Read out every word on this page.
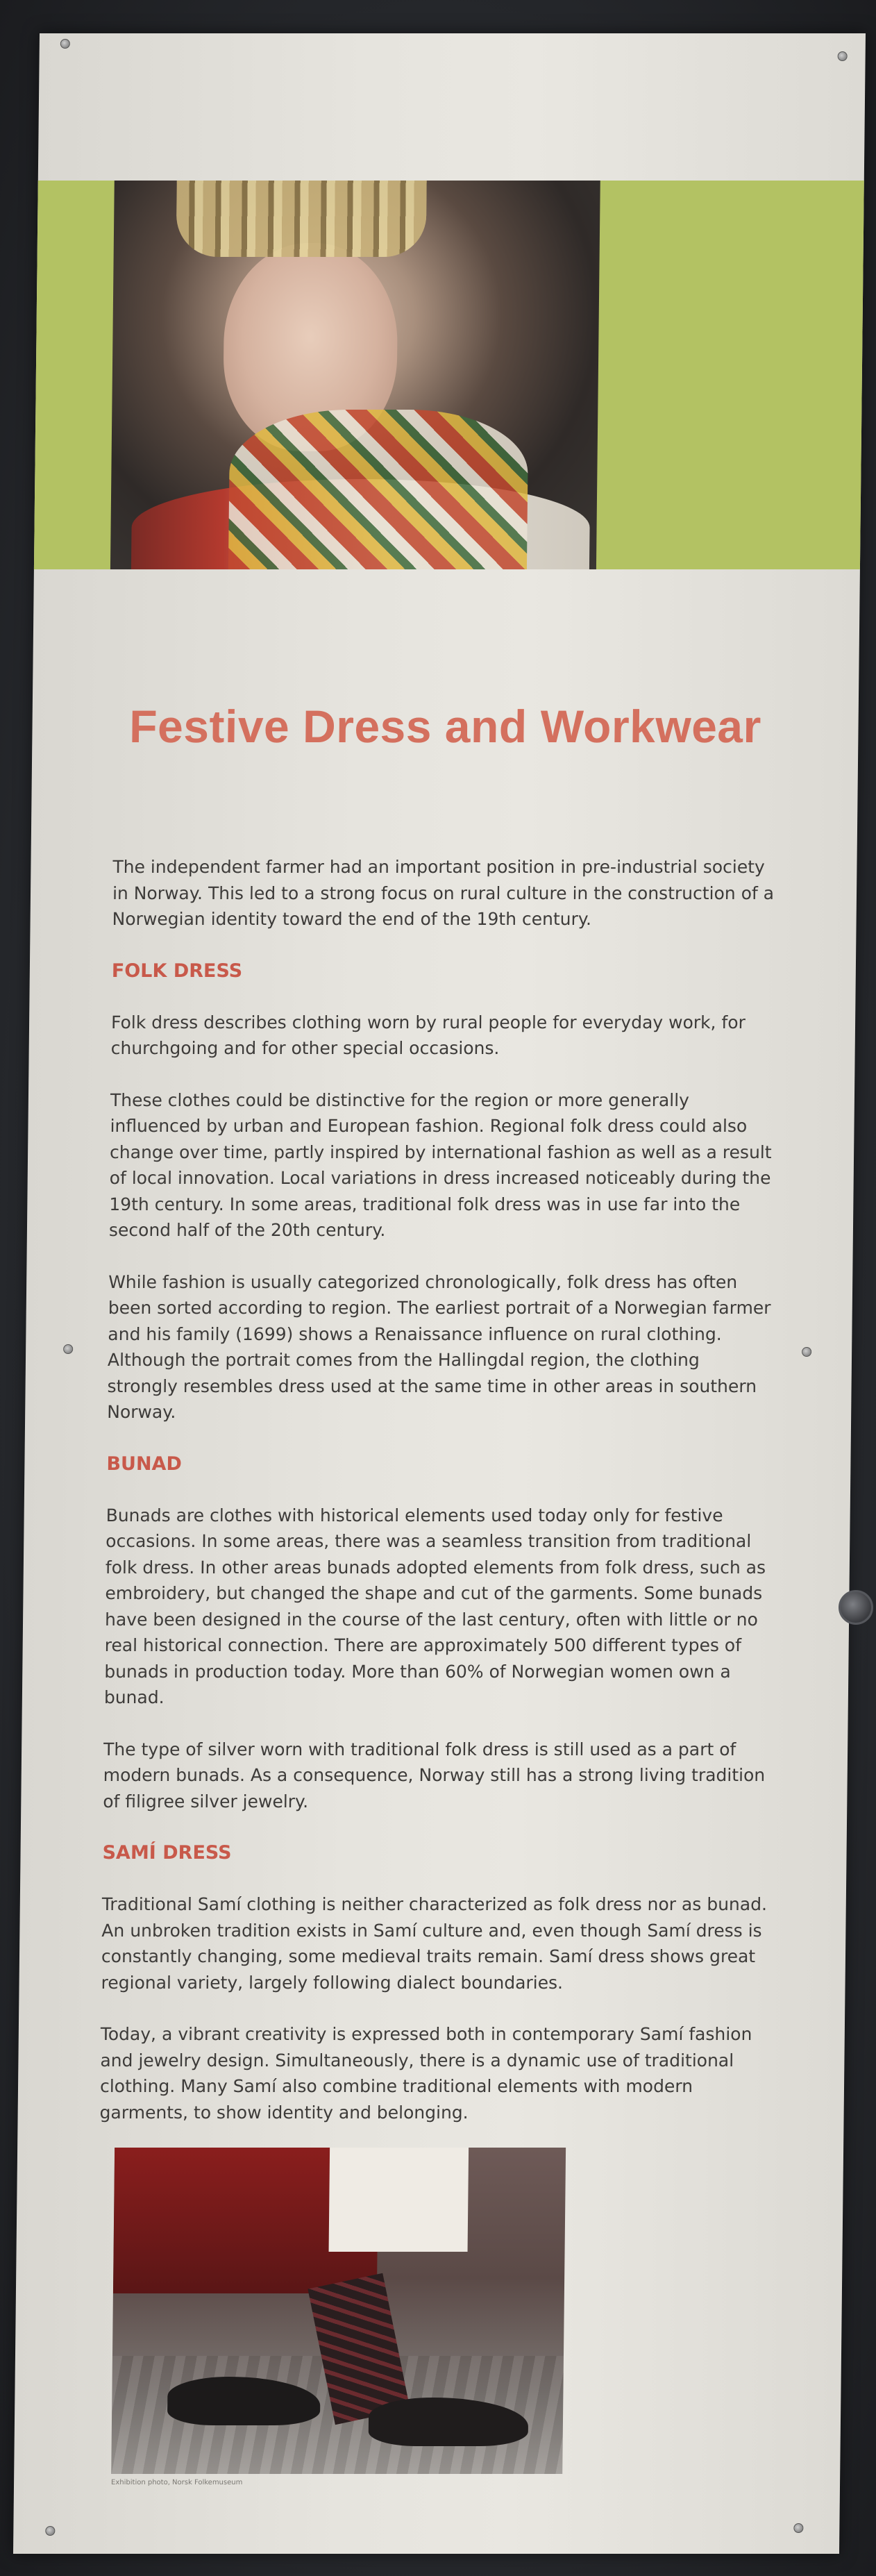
Festive Dress and Workwear

The independent farmer had an important position in pre-industrial society in Norway. This led to a strong focus on rural culture in the construction of a Norwegian identity toward the end of the 19th century.

FOLK DRESS

Folk dress describes clothing worn by rural people for everyday work, for churchgoing and for other special occasions.

These clothes could be distinctive for the region or more generally influenced by urban and European fashion. Regional folk dress could also change over time, partly inspired by international fashion as well as a result of local innovation. Local variations in dress increased noticeably during the 19th century. In some areas, traditional folk dress was in use far into the second half of the 20th century.

While fashion is usually categorized chronologically, folk dress has often been sorted according to region. The earliest portrait of a Norwegian farmer and his family (1699) shows a Renaissance influence on rural clothing. Although the portrait comes from the Hallingdal region, the clothing strongly resembles dress used at the same time in other areas in southern Norway.

BUNAD

Bunads are clothes with historical elements used today only for festive occasions. In some areas, there was a seamless transition from traditional folk dress. In other areas bunads adopted elements from folk dress, such as embroidery, but changed the shape and cut of the garments. Some bunads have been designed in the course of the last century, often with little or no real historical connection. There are approximately 500 different types of bunads in production today. More than 60% of Norwegian women own a bunad.

The type of silver worn with traditional folk dress is still used as a part of modern bunads. As a consequence, Norway still has a strong living tradition of filigree silver jewelry.

SAMÍ DRESS

Traditional Samí clothing is neither characterized as folk dress nor as bunad. An unbroken tradition exists in Samí culture and, even though Samí dress is constantly changing, some medieval traits remain. Samí dress shows great regional variety, largely following dialect boundaries.

Today, a vibrant creativity is expressed both in contemporary Samí fashion and jewelry design. Simultaneously, there is a dynamic use of traditional clothing. Many Samí also combine traditional elements with modern garments, to show identity and belonging.

Exhibition photo, Norsk Folkemuseum
